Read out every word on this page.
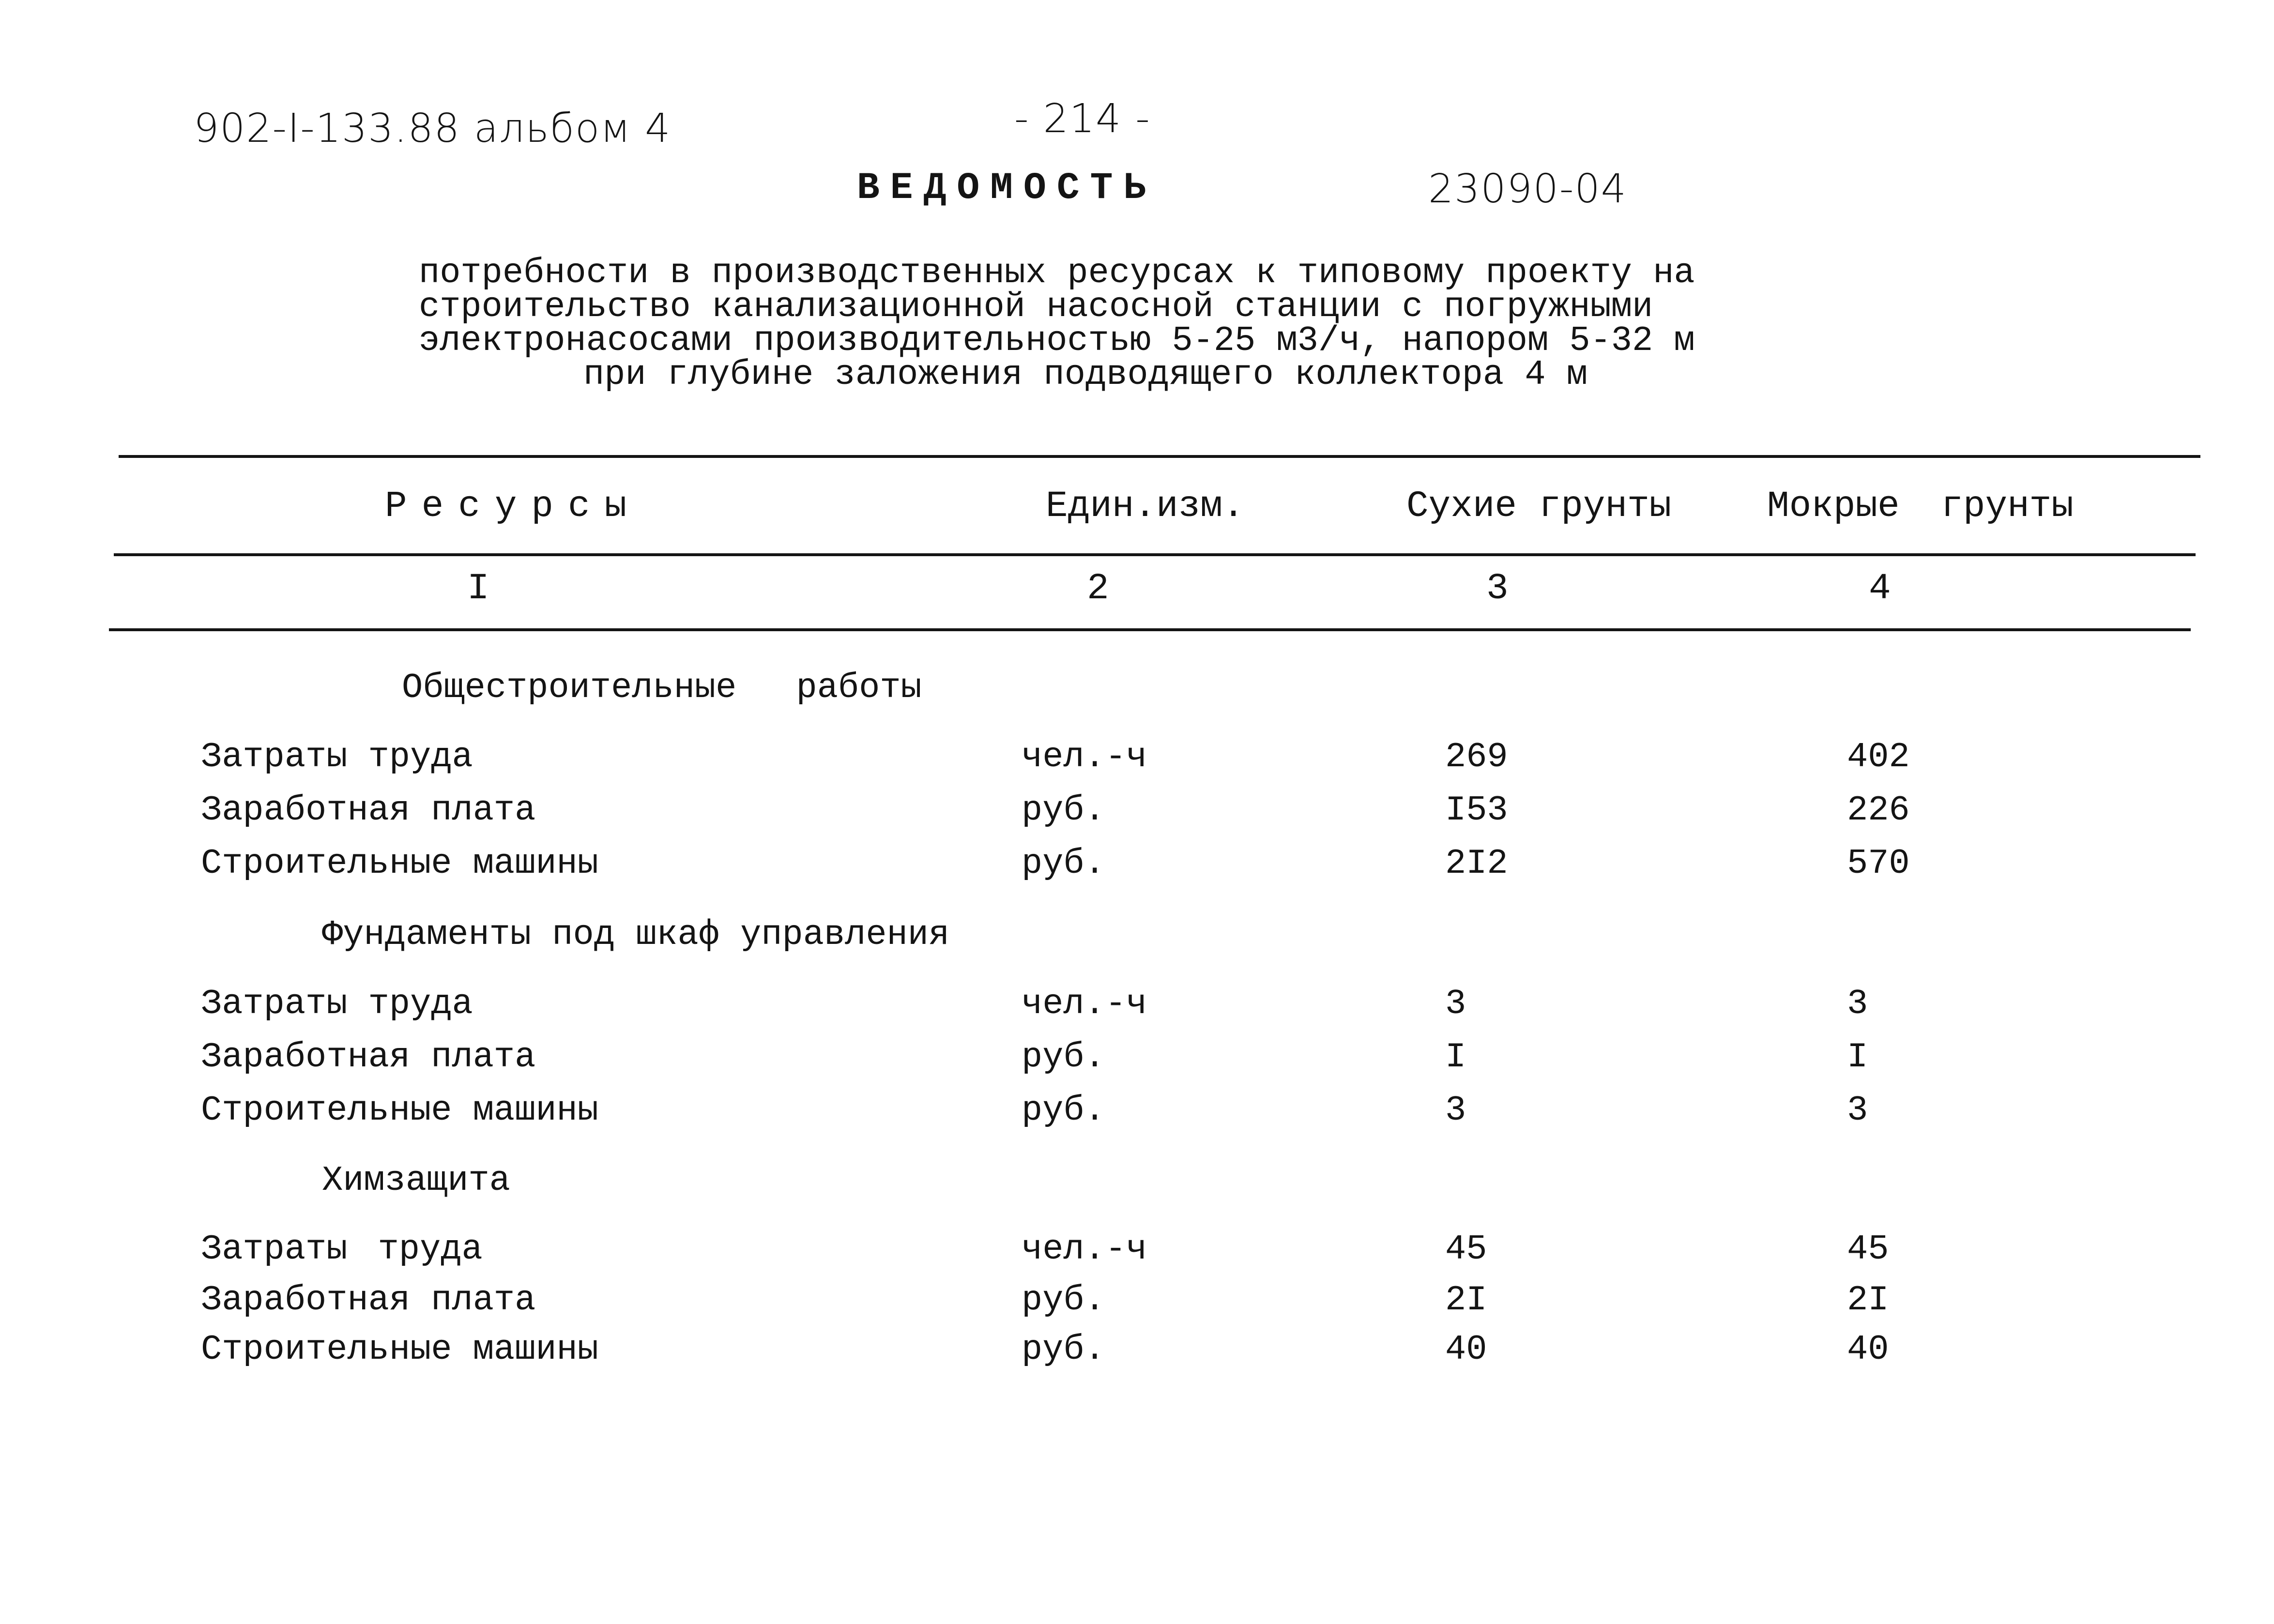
902-I-133.88 альбом 4	- 214 -
ВЕДОМОСТЬ	23090-04
потребности в производственных ресурсах к типовому проекту на
строительство канализационной насосной станции с погружными
электронасосами производительностью 5-25 м3/ч, напором 5-32 м
при глубине заложения подводящего коллектора 4 м
Ресурсы	Един.изм.	Сухие грунты	Мокрые грунты
I	2	3	4
Общестроительные работы
Затраты труда	чел.-ч	269	402
Заработная плата	руб.	I53	226
Строительные машины	руб.	2I2	570
Фундаменты под шкаф управления
Затраты труда	чел.-ч	3	3
Заработная плата	руб.	I	I
Строительные машины	руб.	3	3
Химзащита
Затраты труда	чел.-ч	45	45
Заработная плата	руб.	2I	2I
Строительные машины	руб.	40	40
